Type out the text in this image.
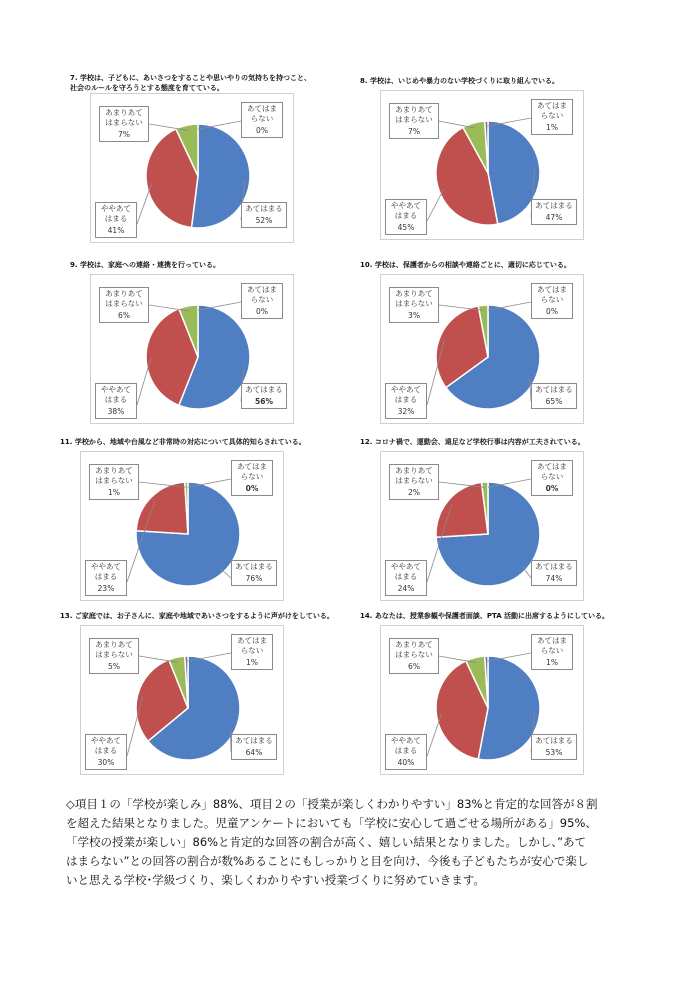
7. 学校は、子どもに、あいさつをすることや思いやりの気持ちを持つこと、
社会のルールを守ろうとする態度を育てている。
あてはまる
52%
ややあて
はまる
41%
あまりあて
はまらない
7%
あてはま
らない
0%
8. 学校は、いじめや暴力のない学校づくりに取り組んでいる。
あてはまる
47%
ややあて
はまる
45%
あまりあて
はまらない
7%
あてはま
らない
1%
9. 学校は、家庭への連絡・連携を行っている。
あてはまる
56%
ややあて
はまる
38%
あまりあて
はまらない
6%
あてはま
らない
0%
10. 学校は、保護者からの相談や連絡ごとに、適切に応じている。
あてはまる
65%
ややあて
はまる
32%
あまりあて
はまらない
3%
あてはま
らない
0%
11. 学校から、地域や台風など非常時の対応について具体的知らされている。
あてはまる
76%
ややあて
はまる
23%
あまりあて
はまらない
1%
あてはま
らない
0%
12. コロナ禍で、運動会、遠足など学校行事は内容が工夫されている。
あてはまる
74%
ややあて
はまる
24%
あまりあて
はまらない
2%
あてはま
らない
0%
13. ご家庭では、お子さんに、家庭や地域であいさつをするように声がけをしている。
あてはまる
64%
ややあて
はまる
30%
あまりあて
はまらない
5%
あてはま
らない
1%
14. あなたは、授業参観や保護者面談、PTA 活動に出席するようにしている。
あてはまる
53%
ややあて
はまる
40%
あまりあて
はまらない
6%
あてはま
らない
1%

◇項目１の「学校が楽しみ」88%、項目２の「授業が楽しくわかりやすい」83%と肯定的な回答が８割

を超えた結果となりました。児童アンケートにおいても「学校に安心して過ごせる場所がある」95%、

「学校の授業が楽しい」86%と肯定的な回答の割合が高く、嬉しい結果となりました。しかし、”あて

はまらない”との回答の割合が数%あることにもしっかりと目を向け、今後も子どもたちが安心で楽し

いと思える学校･学級づくり、楽しくわかりやすい授業づくりに努めていきます。
